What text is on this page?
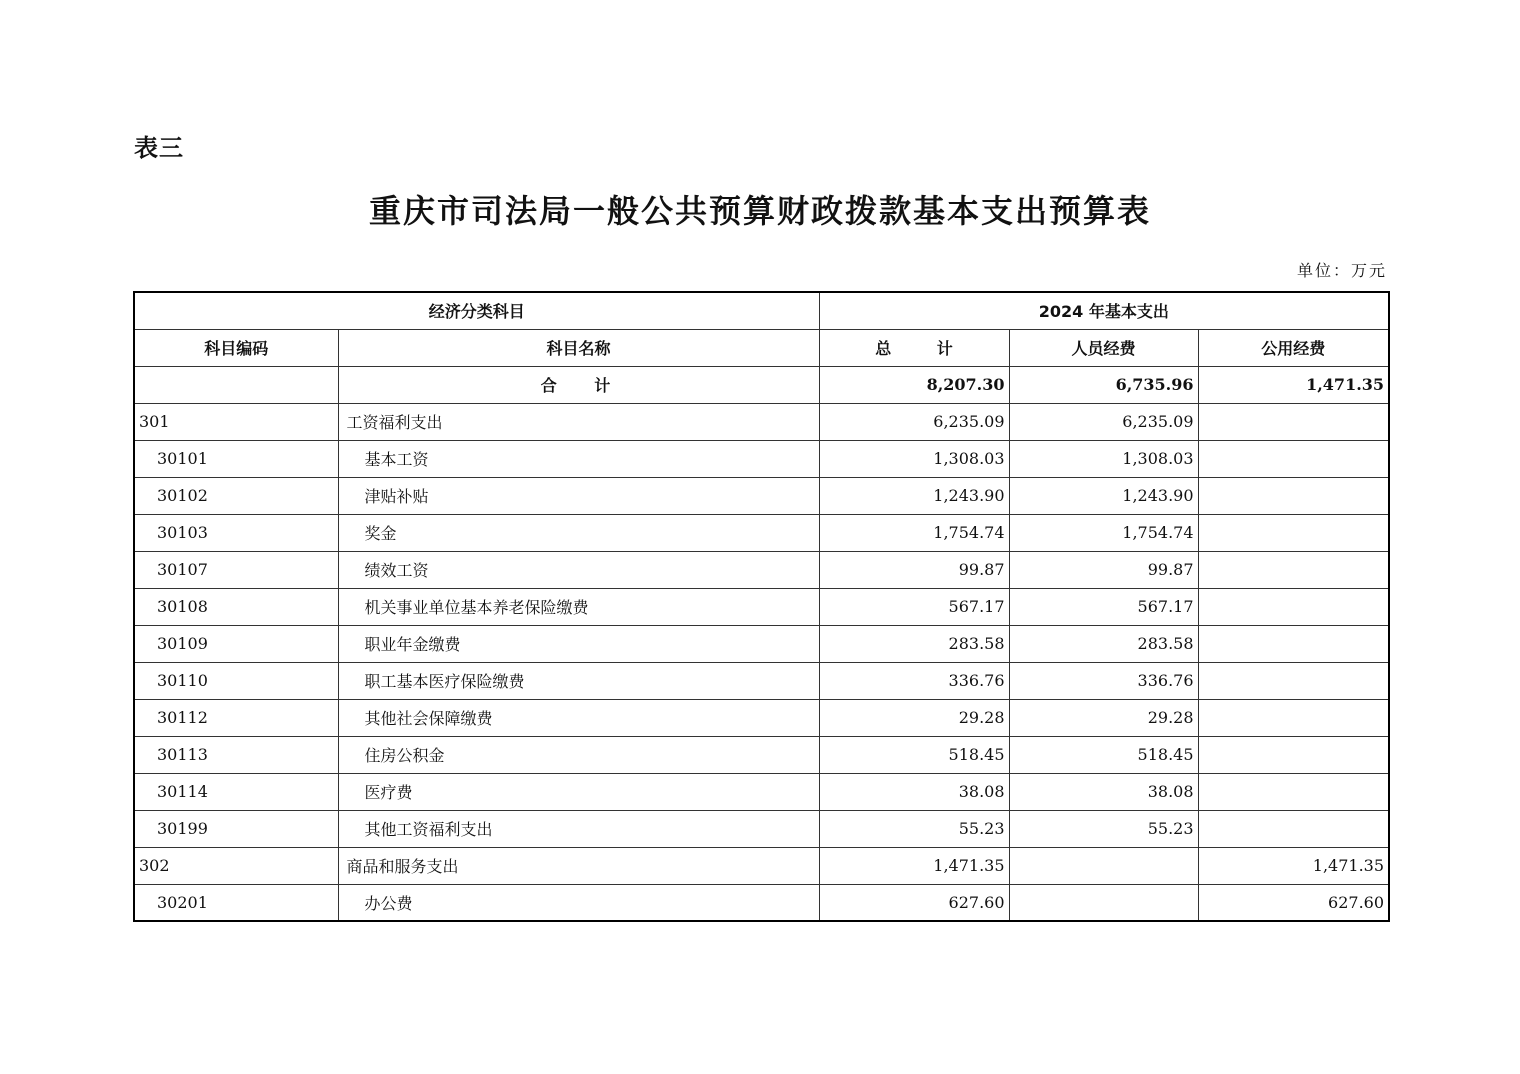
表三
重庆市司法局一般公共预算财政拨款基本支出预算表
单位：万元
经济分类科目		2024 年基本支出		
科目编码	科目名称	总 计	人员经费	公用经费
	合 计	8,207.30	6,735.96	1,471.35
301	工资福利支出	6,235.09	6,235.09	
30101	基本工资	1,308.03	1,308.03	
30102	津贴补贴	1,243.90	1,243.90	
30103	奖金	1,754.74	1,754.74	
30107	绩效工资	99.87	99.87	
30108	机关事业单位基本养老保险缴费	567.17	567.17	
30109	职业年金缴费	283.58	283.58	
30110	职工基本医疗保险缴费	336.76	336.76	
30112	其他社会保障缴费	29.28	29.28	
30113	住房公积金	518.45	518.45	
30114	医疗费	38.08	38.08	
30199	其他工资福利支出	55.23	55.23	
302	商品和服务支出	1,471.35		1,471.35
30201	办公费	627.60		627.60
